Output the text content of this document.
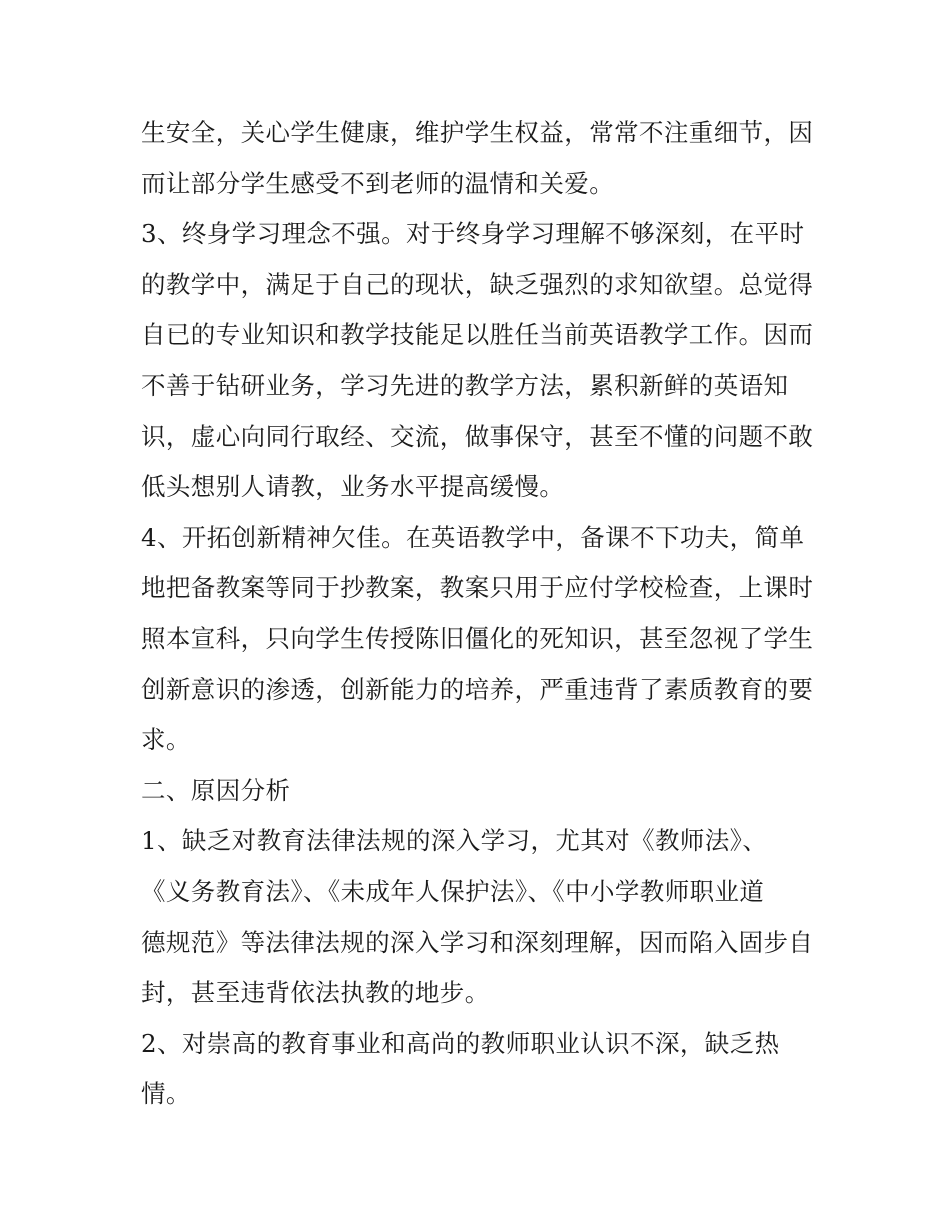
生安全，关心学生健康，维护学生权益，常常不注重细节，因
而让部分学生感受不到老师的温情和关爱。
3、终身学习理念不强。对于终身学习理解不够深刻，在平时
的教学中，满足于自己的现状，缺乏强烈的求知欲望。总觉得
自已的专业知识和教学技能足以胜任当前英语教学工作。因而
不善于钻研业务，学习先进的教学方法，累积新鲜的英语知
识，虚心向同行取经、交流，做事保守，甚至不懂的问题不敢
低头想别人请教，业务水平提高缓慢。
4、开拓创新精神欠佳。在英语教学中，备课不下功夫，简单
地把备教案等同于抄教案，教案只用于应付学校检查，上课时
照本宣科，只向学生传授陈旧僵化的死知识，甚至忽视了学生
创新意识的渗透，创新能力的培养，严重违背了素质教育的要
求。
二、原因分析
1、缺乏对教育法律法规的深入学习，尤其对《教师法》、
《义务教育法》、《未成年人保护法》、《中小学教师职业道
德规范》等法律法规的深入学习和深刻理解，因而陷入固步自
封，甚至违背依法执教的地步。
2、对崇高的教育事业和高尚的教师职业认识不深，缺乏热
情。
